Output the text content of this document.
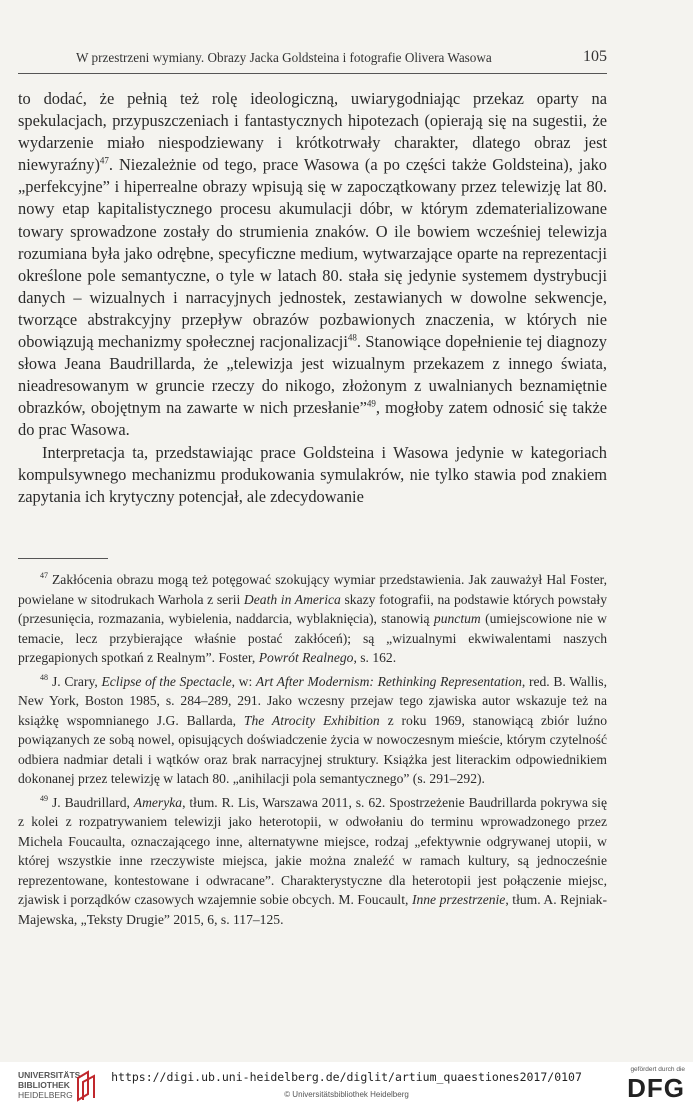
W przestrzeni wymiany. Obrazy Jacka Goldsteina i fotografie Olivera Wasowa	105

to dodać, że pełnią też rolę ideologiczną, uwiarygodniając przekaz oparty na spekulacjach, przypuszczeniach i fantastycznych hipotezach (opierają się na sugestii, że wydarzenie miało niespodziewany i krótkotrwały charakter, dlatego obraz jest niewyraźny)$^{47}$. Niezależnie od tego, prace Wasowa (a po części także Goldsteina), jako „perfekcyjne” i hiperrealne obrazy wpisują się w zapoczątkowany przez telewizję lat 80. nowy etap kapitalistycznego procesu akumulacji dóbr, w którym zdematerializowane towary sprowadzone zostały do strumienia znaków. O ile bowiem wcześniej telewizja rozumiana była jako odrębne, specyficzne medium, wytwarzające oparte na reprezentacji określone pole semantyczne, o tyle w latach 80. stała się jedynie systemem dystrybucji danych – wizualnych i narracyjnych jednostek, zestawianych w dowolne sekwencje, tworzące abstrakcyjny przepływ obrazów pozbawionych znaczenia, w których nie obowiązują mechanizmy społecznej racjonalizacji$^{48}$. Stanowiące dopełnienie tej diagnozy słowa Jeana Baudrillarda, że „telewizja jest wizualnym przekazem z innego świata, nieadresowanym w gruncie rzeczy do nikogo, złożonym z uwalnianych beznamiętnie obrazków, obojętnym na zawarte w nich przesłanie”$^{49}$, mogłoby zatem odnosić się także do prac Wasowa.

Interpretacja ta, przedstawiając prace Goldsteina i Wasowa jedynie w kategoriach kompulsywnego mechanizmu produkowania symulakrów, nie tylko stawia pod znakiem zapytania ich krytyczny potencjał, ale zdecydowanie

$^{47}$ Zakłócenia obrazu mogą też potęgować szokujący wymiar przedstawienia. Jak zauważył Hal Foster, powielane w sitodrukach Warhola z serii Death in America skazy fotografii, na podstawie których powstały (przesunięcia, rozmazania, wybielenia, naddarcia, wyblaknięcia), stanowią punctum (umiejscowione nie w temacie, lecz przybierające właśnie postać zakłóceń); są „wizualnymi ekwiwalentami naszych przegapionych spotkań z Realnym”. Foster, Powrót Realnego, s. 162.

$^{48}$ J. Crary, Eclipse of the Spectacle, w: Art After Modernism: Rethinking Representation, red. B. Wallis, New York, Boston 1985, s. 284–289, 291. Jako wczesny przejaw tego zjawiska autor wskazuje też na książkę wspomnianego J.G. Ballarda, The Atrocity Exhibition z roku 1969, stanowiącą zbiór luźno powiązanych ze sobą nowel, opisujących doświadczenie życia w nowoczesnym mieście, którym czytelność odbiera nadmiar detali i wątków oraz brak narracyjnej struktury. Książka jest literackim odpowiednikiem dokonanej przez telewizję w latach 80. „anihilacji pola semantycznego” (s. 291–292).

$^{49}$ J. Baudrillard, Ameryka, tłum. R. Lis, Warszawa 2011, s. 62. Spostrzeżenie Baudrillarda pokrywa się z kolei z rozpatrywaniem telewizji jako heterotopii, w odwołaniu do terminu wprowadzonego przez Michela Foucaulta, oznaczającego inne, alternatywne miejsce, rodzaj „efektywnie odgrywanej utopii, w której wszystkie inne rzeczywiste miejsca, jakie można znaleźć w ramach kultury, są jednocześnie reprezentowane, kontestowane i odwracane”. Charakterystyczne dla heterotopii jest połączenie miejsc, zjawisk i porządków czasowych wzajemnie sobie obcych. M. Foucault, Inne przestrzenie, tłum. A. Rejniak-Majewska, „Teksty Drugie” 2015, 6, s. 117–125.

UNIVERSITÄTS-
BIBLIOTHEK
HEIDELBERG
https://digi.ub.uni-heidelberg.de/diglit/artium_quaestiones2017/0107
© Universitätsbibliothek Heidelberg
gefördert durch die
DFG
